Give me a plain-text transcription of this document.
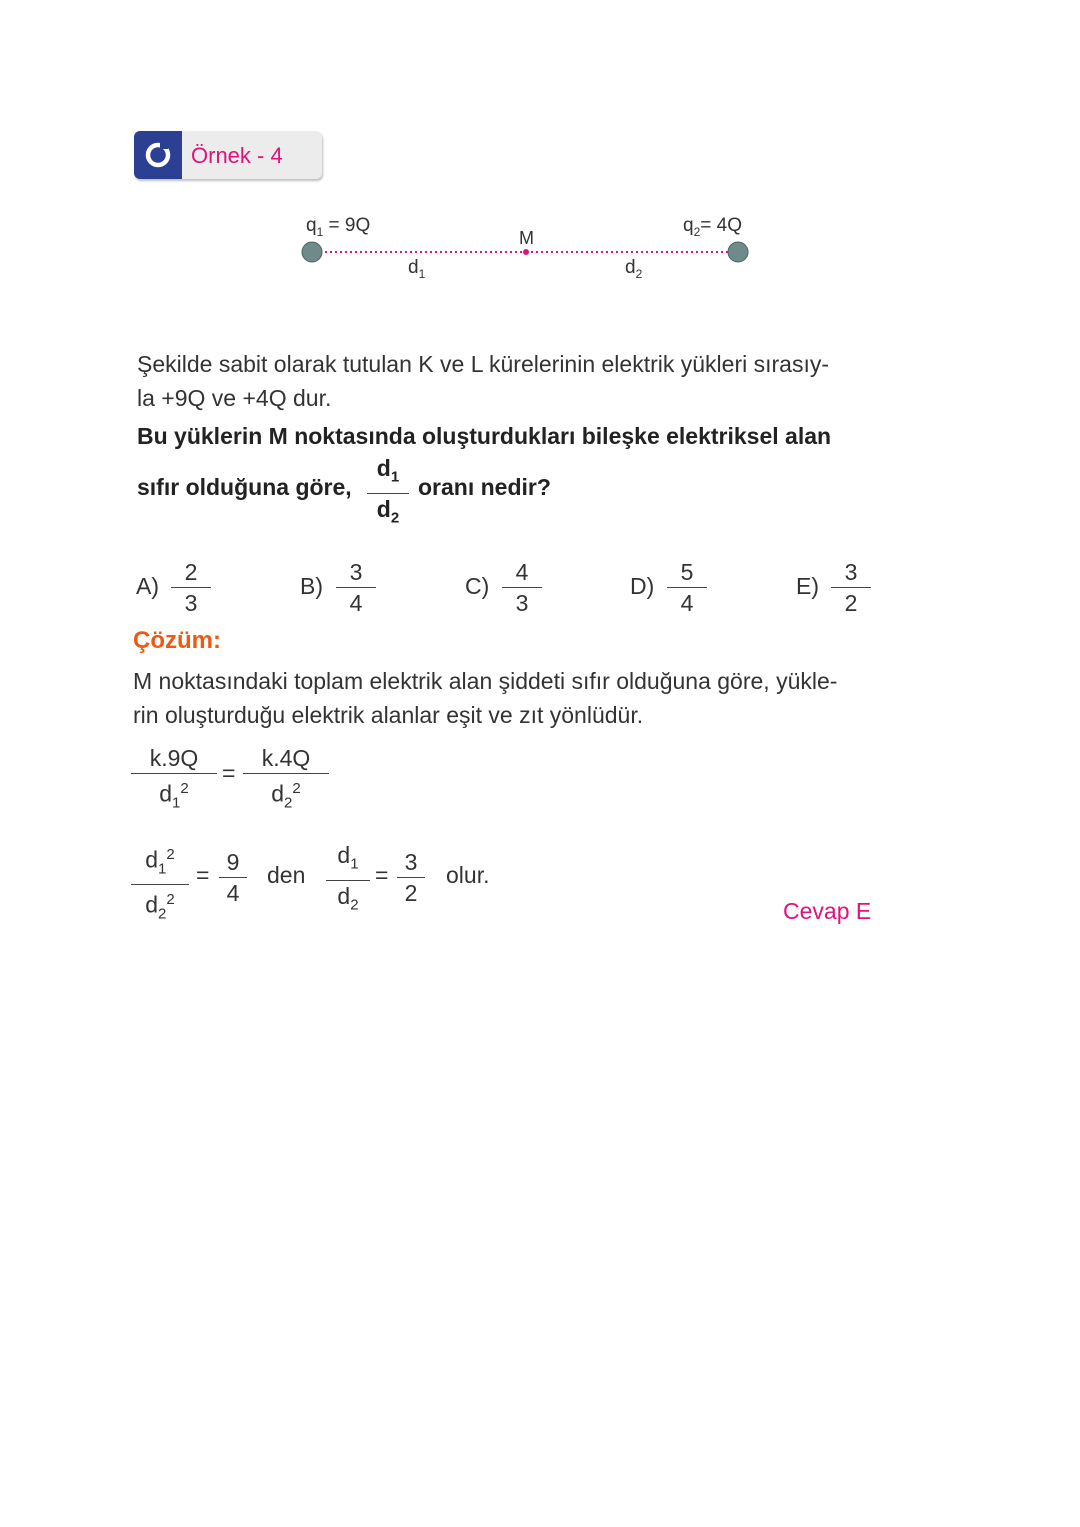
Örnek - 4
$q_1 = 9Q$
M
$q_2= 4Q$
$d_1$	$d_2$
Şekilde sabit olarak tutulan K ve L kürelerinin elektrik yükleri sırasıy-
la +9Q ve +4Q dur.
Bu yüklerin M noktasında oluşturdukları bileşke elektriksel alan
sıfır olduğuna göre, $\frac{d_1}{d_2}$ oranı nedir?
$A) \frac{2}{3}$	$B) \frac{3}{4}$	$C) \frac{4}{3}$	$D) \frac{5}{4}$	$E) \frac{3}{2}$
Çözüm:
M noktasındaki toplam elektrik alan şiddeti sıfır olduğuna göre, yükle-
rin oluşturduğu elektrik alanlar eşit ve zıt yönlüdür.
$\frac{k.9Q}{d_1^2} = \frac{k.4Q}{d_2^2}$
$\frac{d_1^2}{d_2^2} = \frac{9}{4}$ den $\frac{d_1}{d_2} = \frac{3}{2}$ olur.
Cevap E
